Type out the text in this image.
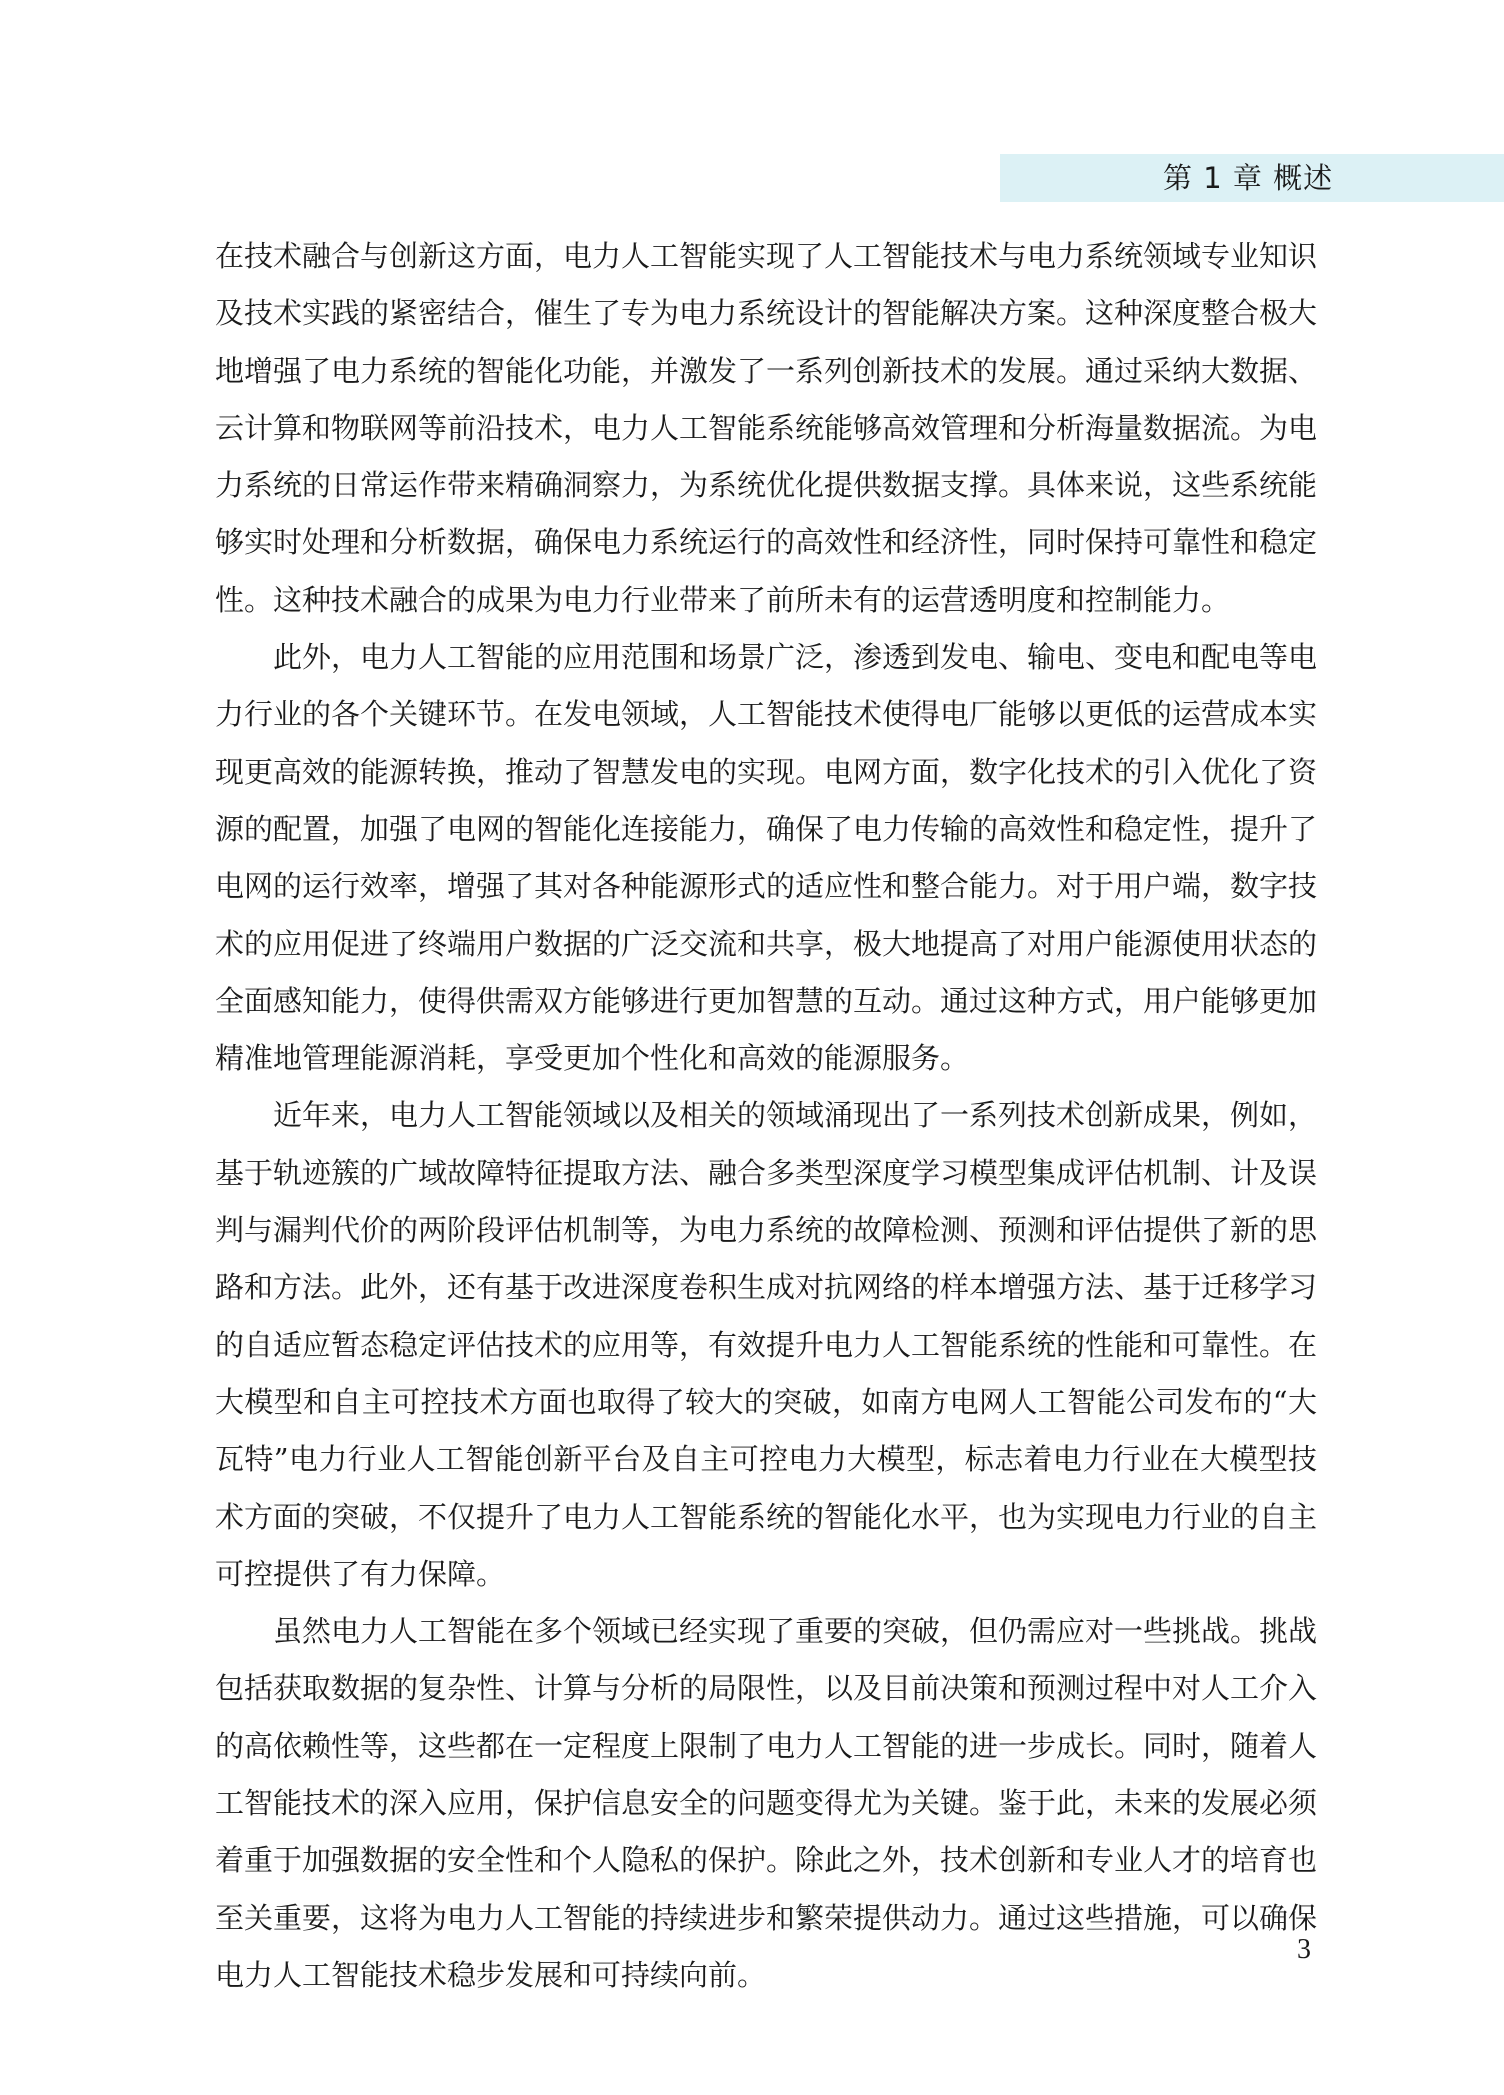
第 1 章 概述

在技术融合与创新这方面，电力人工智能实现了人工智能技术与电力系统领域专业知识及技术实践的紧密结合，催生了专为电力系统设计的智能解决方案。这种深度整合极大地增强了电力系统的智能化功能，并激发了一系列创新技术的发展。通过采纳大数据、云计算和物联网等前沿技术，电力人工智能系统能够高效管理和分析海量数据流。为电力系统的日常运作带来精确洞察力，为系统优化提供数据支撑。具体来说，这些系统能够实时处理和分析数据，确保电力系统运行的高效性和经济性，同时保持可靠性和稳定性。这种技术融合的成果为电力行业带来了前所未有的运营透明度和控制能力。

此外，电力人工智能的应用范围和场景广泛，渗透到发电、输电、变电和配电等电力行业的各个关键环节。在发电领域，人工智能技术使得电厂能够以更低的运营成本实现更高效的能源转换，推动了智慧发电的实现。电网方面，数字化技术的引入优化了资源的配置，加强了电网的智能化连接能力，确保了电力传输的高效性和稳定性，提升了电网的运行效率，增强了其对各种能源形式的适应性和整合能力。对于用户端，数字技术的应用促进了终端用户数据的广泛交流和共享，极大地提高了对用户能源使用状态的全面感知能力，使得供需双方能够进行更加智慧的互动。通过这种方式，用户能够更加精准地管理能源消耗，享受更加个性化和高效的能源服务。

近年来，电力人工智能领域以及相关的领域涌现出了一系列技术创新成果，例如，基于轨迹簇的广域故障特征提取方法、融合多类型深度学习模型集成评估机制、计及误判与漏判代价的两阶段评估机制等，为电力系统的故障检测、预测和评估提供了新的思路和方法。此外，还有基于改进深度卷积生成对抗网络的样本增强方法、基于迁移学习的自适应暂态稳定评估技术的应用等，有效提升电力人工智能系统的性能和可靠性。在大模型和自主可控技术方面也取得了较大的突破，如南方电网人工智能公司发布的“大瓦特”电力行业人工智能创新平台及自主可控电力大模型，标志着电力行业在大模型技术方面的突破，不仅提升了电力人工智能系统的智能化水平，也为实现电力行业的自主可控提供了有力保障。

虽然电力人工智能在多个领域已经实现了重要的突破，但仍需应对一些挑战。挑战包括获取数据的复杂性、计算与分析的局限性，以及目前决策和预测过程中对人工介入的高依赖性等，这些都在一定程度上限制了电力人工智能的进一步成长。同时，随着人工智能技术的深入应用，保护信息安全的问题变得尤为关键。鉴于此，未来的发展必须着重于加强数据的安全性和个人隐私的保护。除此之外，技术创新和专业人才的培育也至关重要，这将为电力人工智能的持续进步和繁荣提供动力。通过这些措施，可以确保电力人工智能技术稳步发展和可持续向前。

3
